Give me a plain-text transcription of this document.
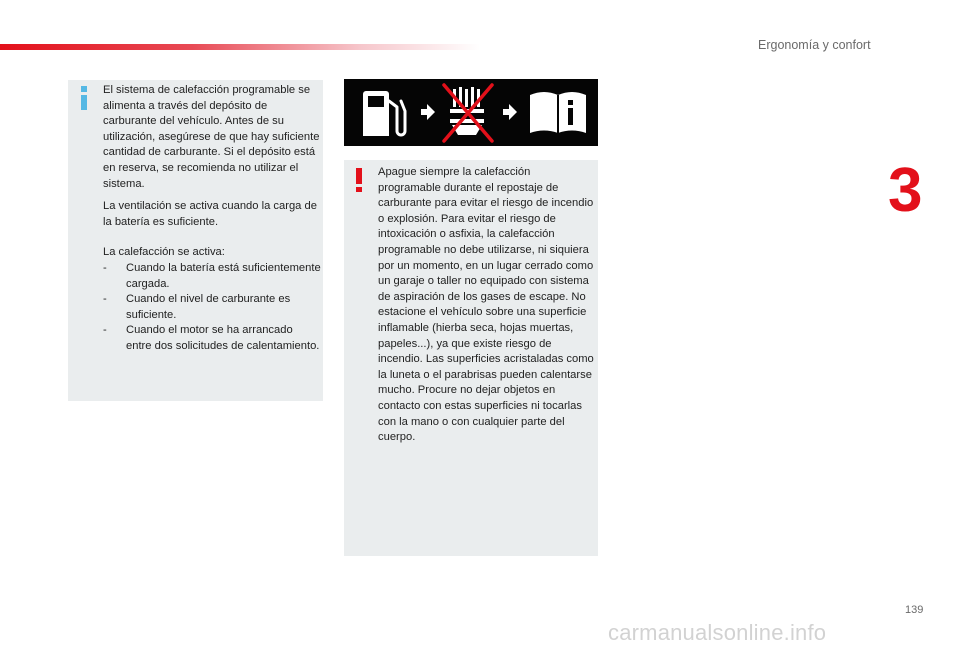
Ergonomía y confort
3

El sistema de calefacción programable se alimenta a través del depósito de carburante del vehículo. Antes de su utilización, asegúrese de que hay suficiente cantidad de carburante. Si el depósito está en reserva, se recomienda no utilizar el sistema.

La ventilación se activa cuando la carga de la batería es suficiente.

La calefacción se activa:

- Cuando la batería está suficientemente cargada.
- Cuando el nivel de carburante es suficiente.
- Cuando el motor se ha arrancado entre dos solicitudes de calentamiento.
Apague siempre la calefacción programable durante el repostaje de carburante para evitar el riesgo de incendio o explosión. Para evitar el riesgo de intoxicación o asfixia, la calefacción programable no debe utilizarse, ni siquiera por un momento, en un lugar cerrado como un garaje o taller no equipado con sistema de aspiración de los gases de escape. No estacione el vehículo sobre una superficie inflamable (hierba seca, hojas muertas, papeles...), ya que existe riesgo de incendio. Las superficies acristaladas como la luneta o el parabrisas pueden calentarse mucho. Procure no dejar objetos en contacto con estas superficies ni tocarlas con la mano o con cualquier parte del cuerpo.
139
carmanualsonline.info
